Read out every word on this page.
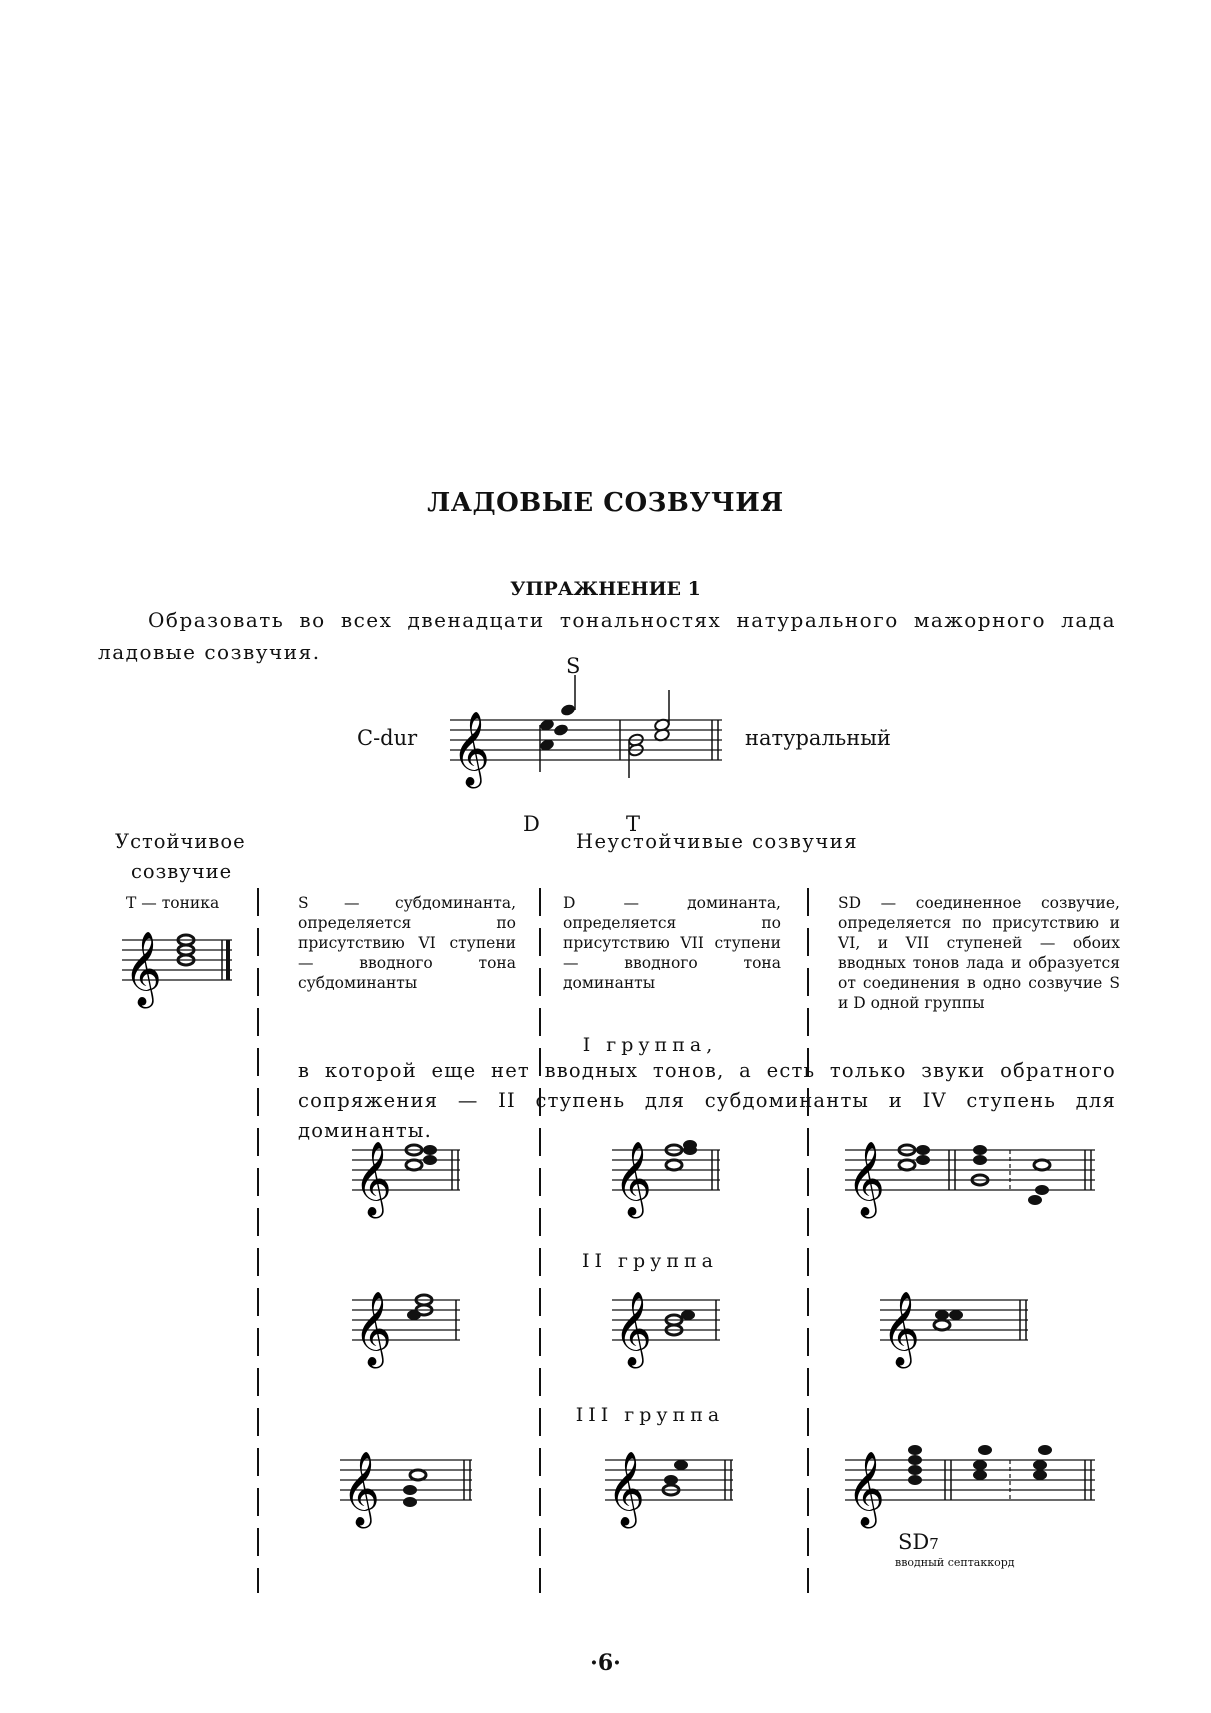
ЛАДОВЫЕ СОЗВУЧИЯ
УПРАЖНЕНИЕ 1
Образовать во всех двенадцати тональностях натурального мажорного лада ладовые созвучия.
C-dur	натуральный
S
D	T
𝄞
Устойчивое
созвучие
T — тоника
𝄞
Неустойчивые созвучия
S — субдоминанта, определяется по присутствию VI ступени — вводного тона субдоминанты
D — доминанта, определяется по присутствию VII ступени — вводного тона доминанты
SD — соединенное созвучие, определяется по присутствию и VI, и VII ступеней — обоих вводных тонов лада и образуется от соединения в одно созвучие S и D одной группы
I группа,
в которой еще нет вводных тонов, а есть только звуки обратного сопряжения — II ступень для субдоминанты и IV ступень для доминанты.
𝄞	𝄞	𝄞
II группа
𝄞	𝄞	𝄞
III группа
𝄞	𝄞	𝄞
SD7
вводный септаккорд
·6·
